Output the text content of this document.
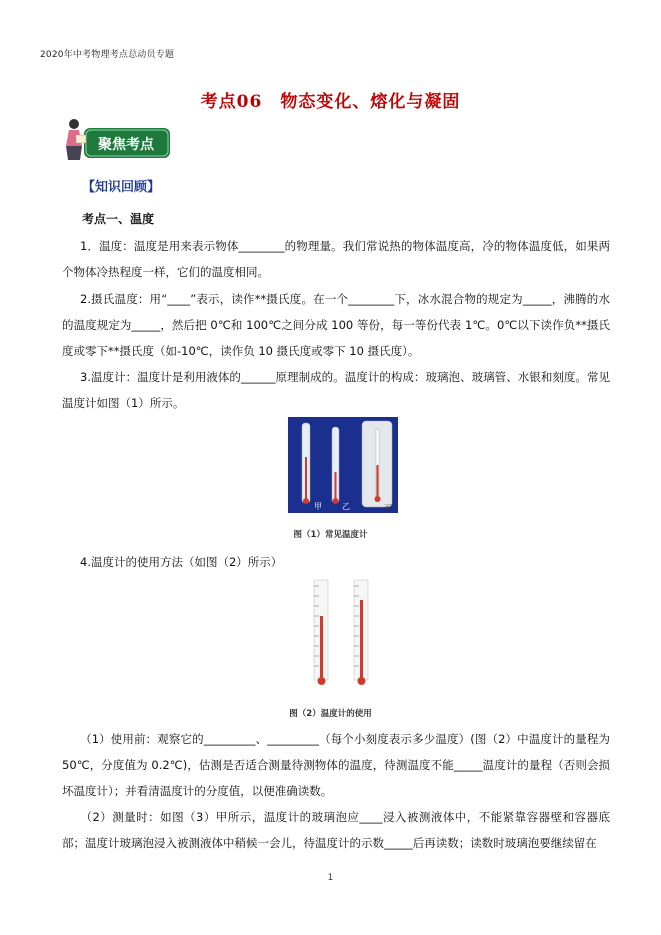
2020年中考物理考点总动员专题
考点06　物态变化、熔化与凝固
聚焦考点
【知识回顾】
考点一、温度
1．温度：温度是用来表示物体________的物理量。我们常说热的物体温度高，冷的物体温度低，如果两个物体冷热程度一样，它们的温度相同。
2.摄氏温度：用“____”表示，读作**摄氏度。在一个________下，冰水混合物的规定为_____，沸腾的水的温度规定为_____，然后把 0℃和 100℃之间分成 100 等份，每一等份代表 1℃。0℃以下读作负**摄氏度或零下**摄氏度（如-10℃，读作负 10 摄氏度或零下 10 摄氏度）。
3.温度计：温度计是利用液体的______原理制成的。温度计的构成：玻璃泡、玻璃管、水银和刻度。常见温度计如图（1）所示。
甲	乙	丙
图（1）常见温度计
4.温度计的使用方法（如图（2）所示）
图（2）温度计的使用
（1）使用前：观察它的_________、_________（每个小刻度表示多少温度）(图（2）中温度计的量程为50℃，分度值为 0.2℃)，估测是否适合测量待测物体的温度，待测温度不能_____温度计的量程（否则会损坏温度计）；并看清温度计的分度值，以便准确读数。
（2）测量时：如图（3）甲所示，温度计的玻璃泡应____浸入被测液体中，不能紧靠容器壁和容器底部；温度计玻璃泡浸入被测液体中稍候一会儿，待温度计的示数_____后再读数；读数时玻璃泡要继续留在
1
